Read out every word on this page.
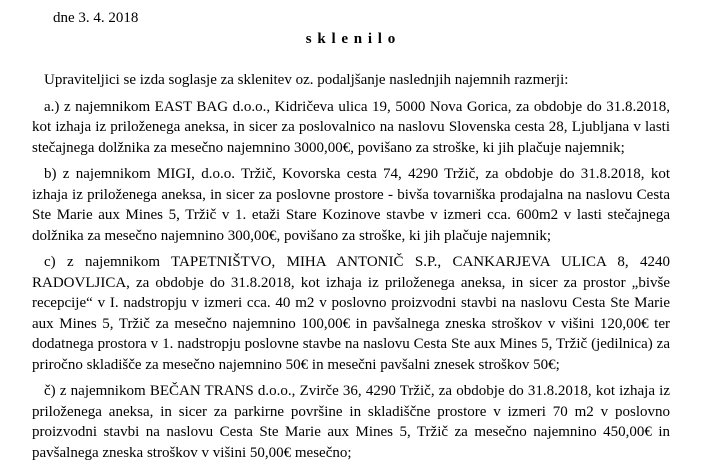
dne 3. 4. 2018

s k l e n i l o

Upraviteljici se izda soglasje za sklenitev oz. podaljšanje naslednjih najemnih razmerji:

a.) z najemnikom EAST BAG d.o.o., Kidričeva ulica 19, 5000 Nova Gorica, za obdobje do 31.8.2018, kot izhaja iz priloženega aneksa, in sicer za poslovalnico na naslovu Slovenska cesta 28, Ljubljana v lasti stečajnega dolžnika za mesečno najemnino 3000,00€, povišano za stroške, ki jih plačuje najemnik;

b) z najemnikom MIGI, d.o.o. Tržič, Kovorska cesta 74, 4290 Tržič, za obdobje do 31.8.2018, kot izhaja iz priloženega aneksa, in sicer za poslovne prostore - bivša tovarniška prodajalna na naslovu Cesta Ste Marie aux Mines 5, Tržič v 1. etaži Stare Kozinove stavbe v izmeri cca. 600m2 v lasti stečajnega dolžnika za mesečno najemnino 300,00€, povišano za stroške, ki jih plačuje najemnik;

c) z najemnikom TAPETNIŠTVO, MIHA ANTONIČ S.P., CANKARJEVA ULICA 8, 4240 RADOVLJICA, za obdobje do 31.8.2018, kot izhaja iz priloženega aneksa, in sicer za prostor „bivše recepcije“ v I. nadstropju v izmeri cca. 40 m2 v poslovno proizvodni stavbi na naslovu Cesta Ste Marie aux Mines 5, Tržič za mesečno najemnino 100,00€ in pavšalnega zneska stroškov v višini 120,00€ ter dodatnega prostora v 1. nadstropju poslovne stavbe na naslovu Cesta Ste aux Mines 5, Tržič (jedilnica) za priročno skladišče za mesečno najemnino 50€ in mesečni pavšalni znesek stroškov 50€;

č) z najemnikom BEČAN TRANS d.o.o., Zvirče 36, 4290 Tržič, za obdobje do 31.8.2018, kot izhaja iz priloženega aneksa, in sicer za parkirne površine in skladiščne prostore v izmeri 70 m2 v poslovno proizvodni stavbi na naslovu Cesta Ste Marie aux Mines 5, Tržič za mesečno najemnino 450,00€ in pavšalnega zneska stroškov v višini 50,00€ mesečno;
